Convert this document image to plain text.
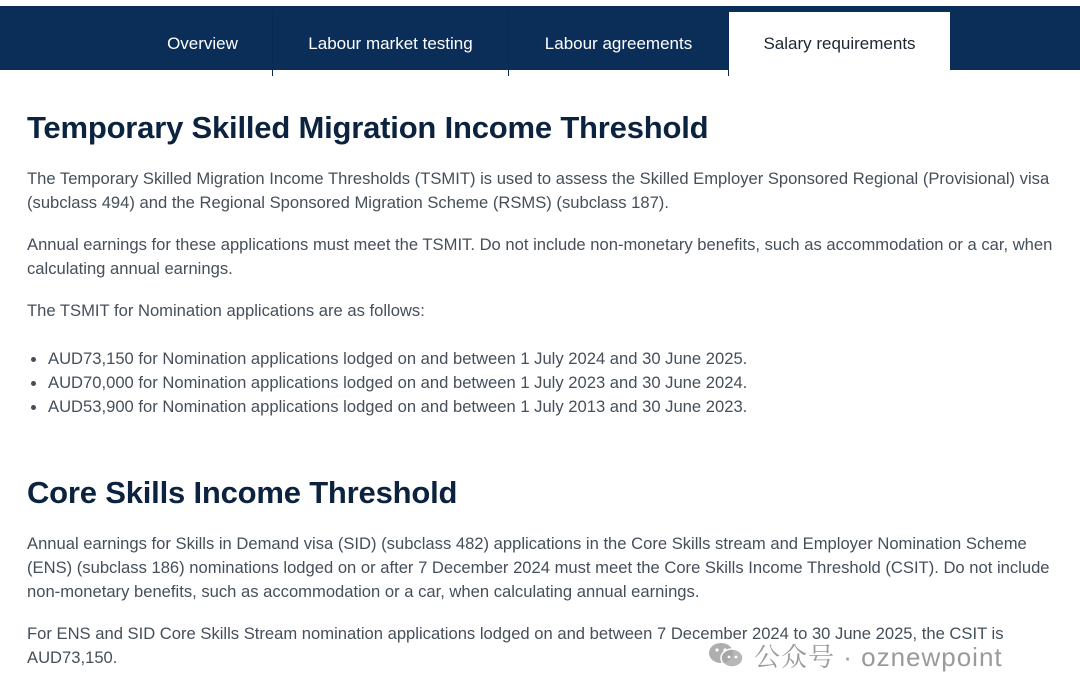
Overview	Labour market testing	Labour agreements	Salary requirements
Temporary Skilled Migration Income Threshold

The Temporary Skilled Migration Income Thresholds (TSMIT) is used to assess the Skilled Employer Sponsored Regional (Provisional) visa (subclass 494) and the Regional Sponsored Migration Scheme (RSMS) (subclass 187).

Annual earnings for these applications must meet the TSMIT. Do not include non-monetary benefits, such as accommodation or a car, when calculating annual earnings.

The TSMIT for Nomination applications are as follows:

AUD73,150 for Nomination applications lodged on and between 1 July 2024 and 30 June 2025.
AUD70,000 for Nomination applications lodged on and between 1 July 2023 and 30 June 2024.
AUD53,900 for Nomination applications lodged on and between 1 July 2013 and 30 June 2023.
Core Skills Income Threshold

Annual earnings for Skills in Demand visa (SID) (subclass 482) applications in the Core Skills stream and Employer Nomination Scheme (ENS) (subclass 186) nominations lodged on or after 7 December 2024 must meet the Core Skills Income Threshold (CSIT). Do not include non-monetary benefits, such as accommodation or a car, when calculating annual earnings.

For ENS and SID Core Skills Stream nomination applications lodged on and between 7 December 2024 to 30 June 2025, the CSIT is AUD73,150.	公众号 · oznewpoint
